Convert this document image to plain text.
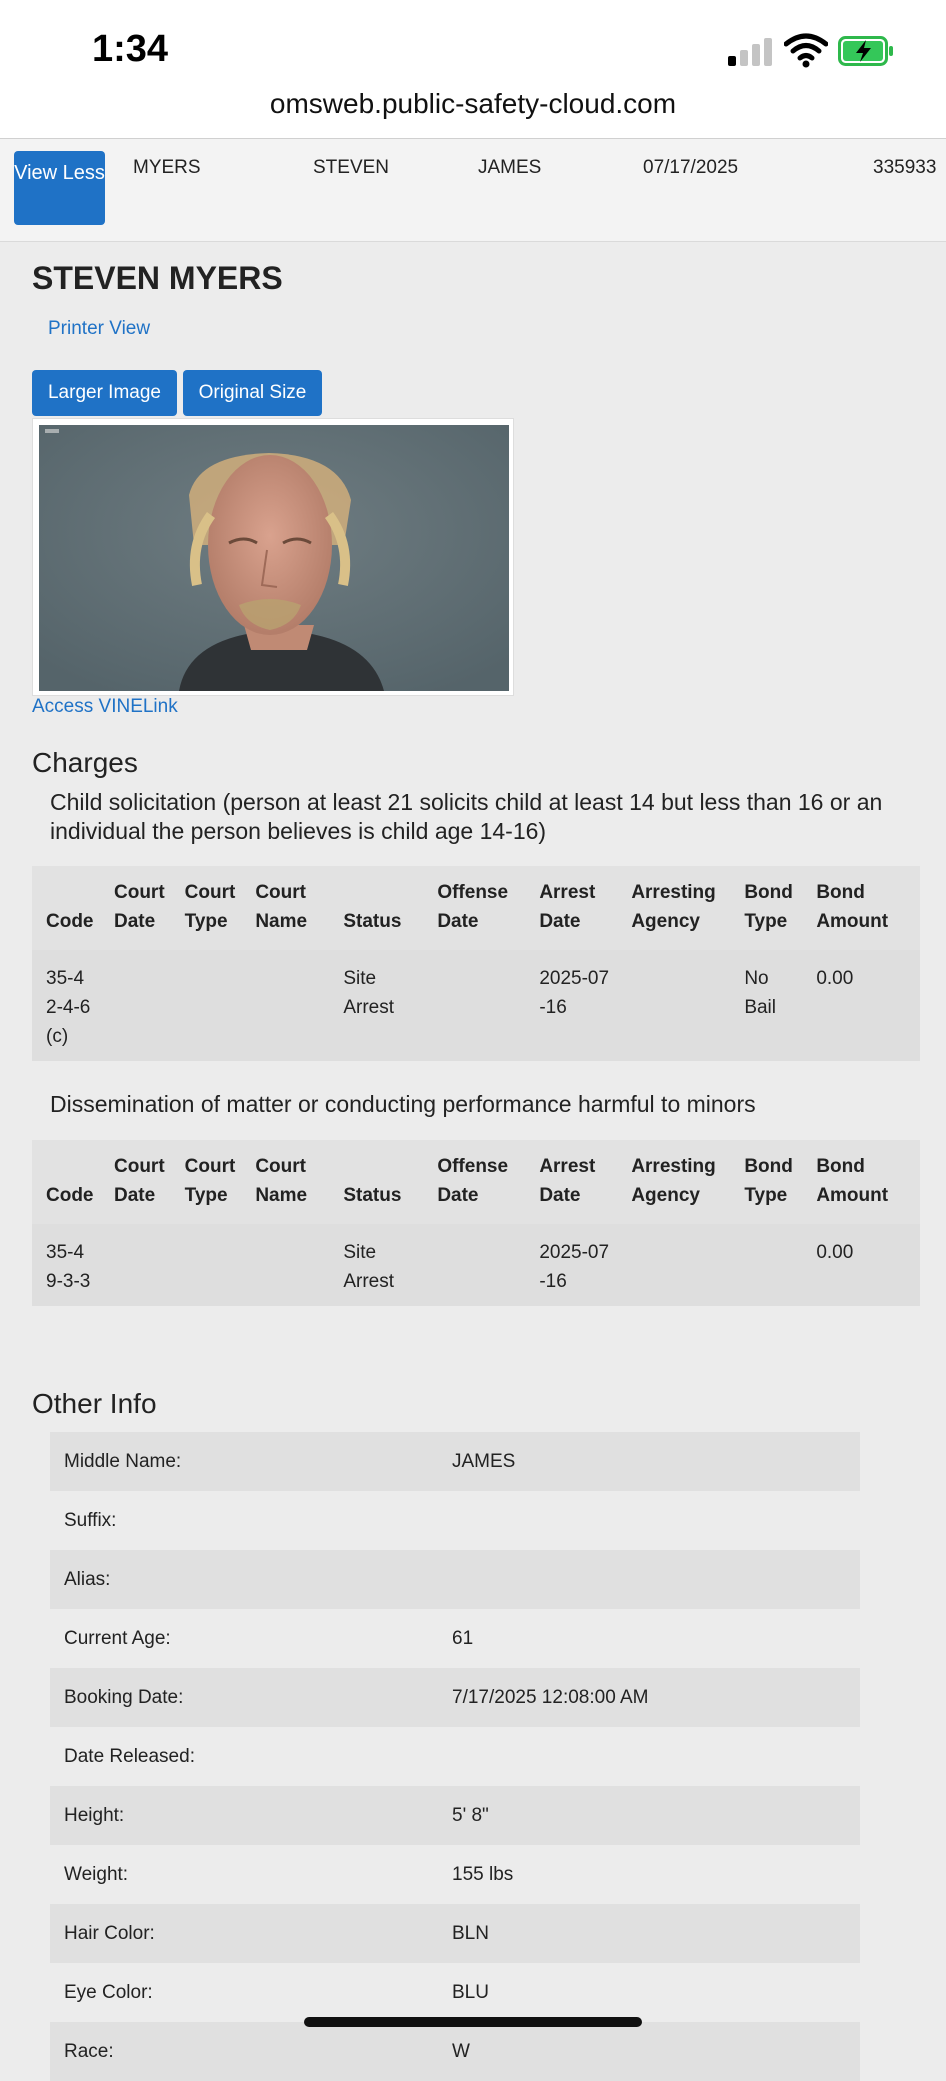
1:34
omsweb.public-safety-cloud.com
View Less MYERS	STEVEN	JAMES	07/17/2025	335933
STEVEN MYERS
Printer View
Larger Image	Original Size
Access VINELink
Charges
Child solicitation (person at least 21 solicits child at least 14 but less than 16 or an individual the person believes is child age 14-16)
Code	Court Date	Court Type	Court Name	Status	Offense Date	Arrest Date	Arresting Agency	Bond Type	Bond Amount
35-42-4-6(c)				Site Arrest		2025-07-16		No Bail	0.00
Dissemination of matter or conducting performance harmful to minors
Code	Court Date	Court Type	Court Name	Status	Offense Date	Arrest Date	Arresting Agency	Bond Type	Bond Amount
35-49-3-3				Site Arrest		2025-07-16			0.00
Other Info
Middle Name:	JAMES
Suffix:
Alias:
Current Age:	61
Booking Date:	7/17/2025 12:08:00 AM
Date Released:
Height:	5' 8"
Weight:	155 lbs
Hair Color:	BLN
Eye Color:	BLU
Race:	W
